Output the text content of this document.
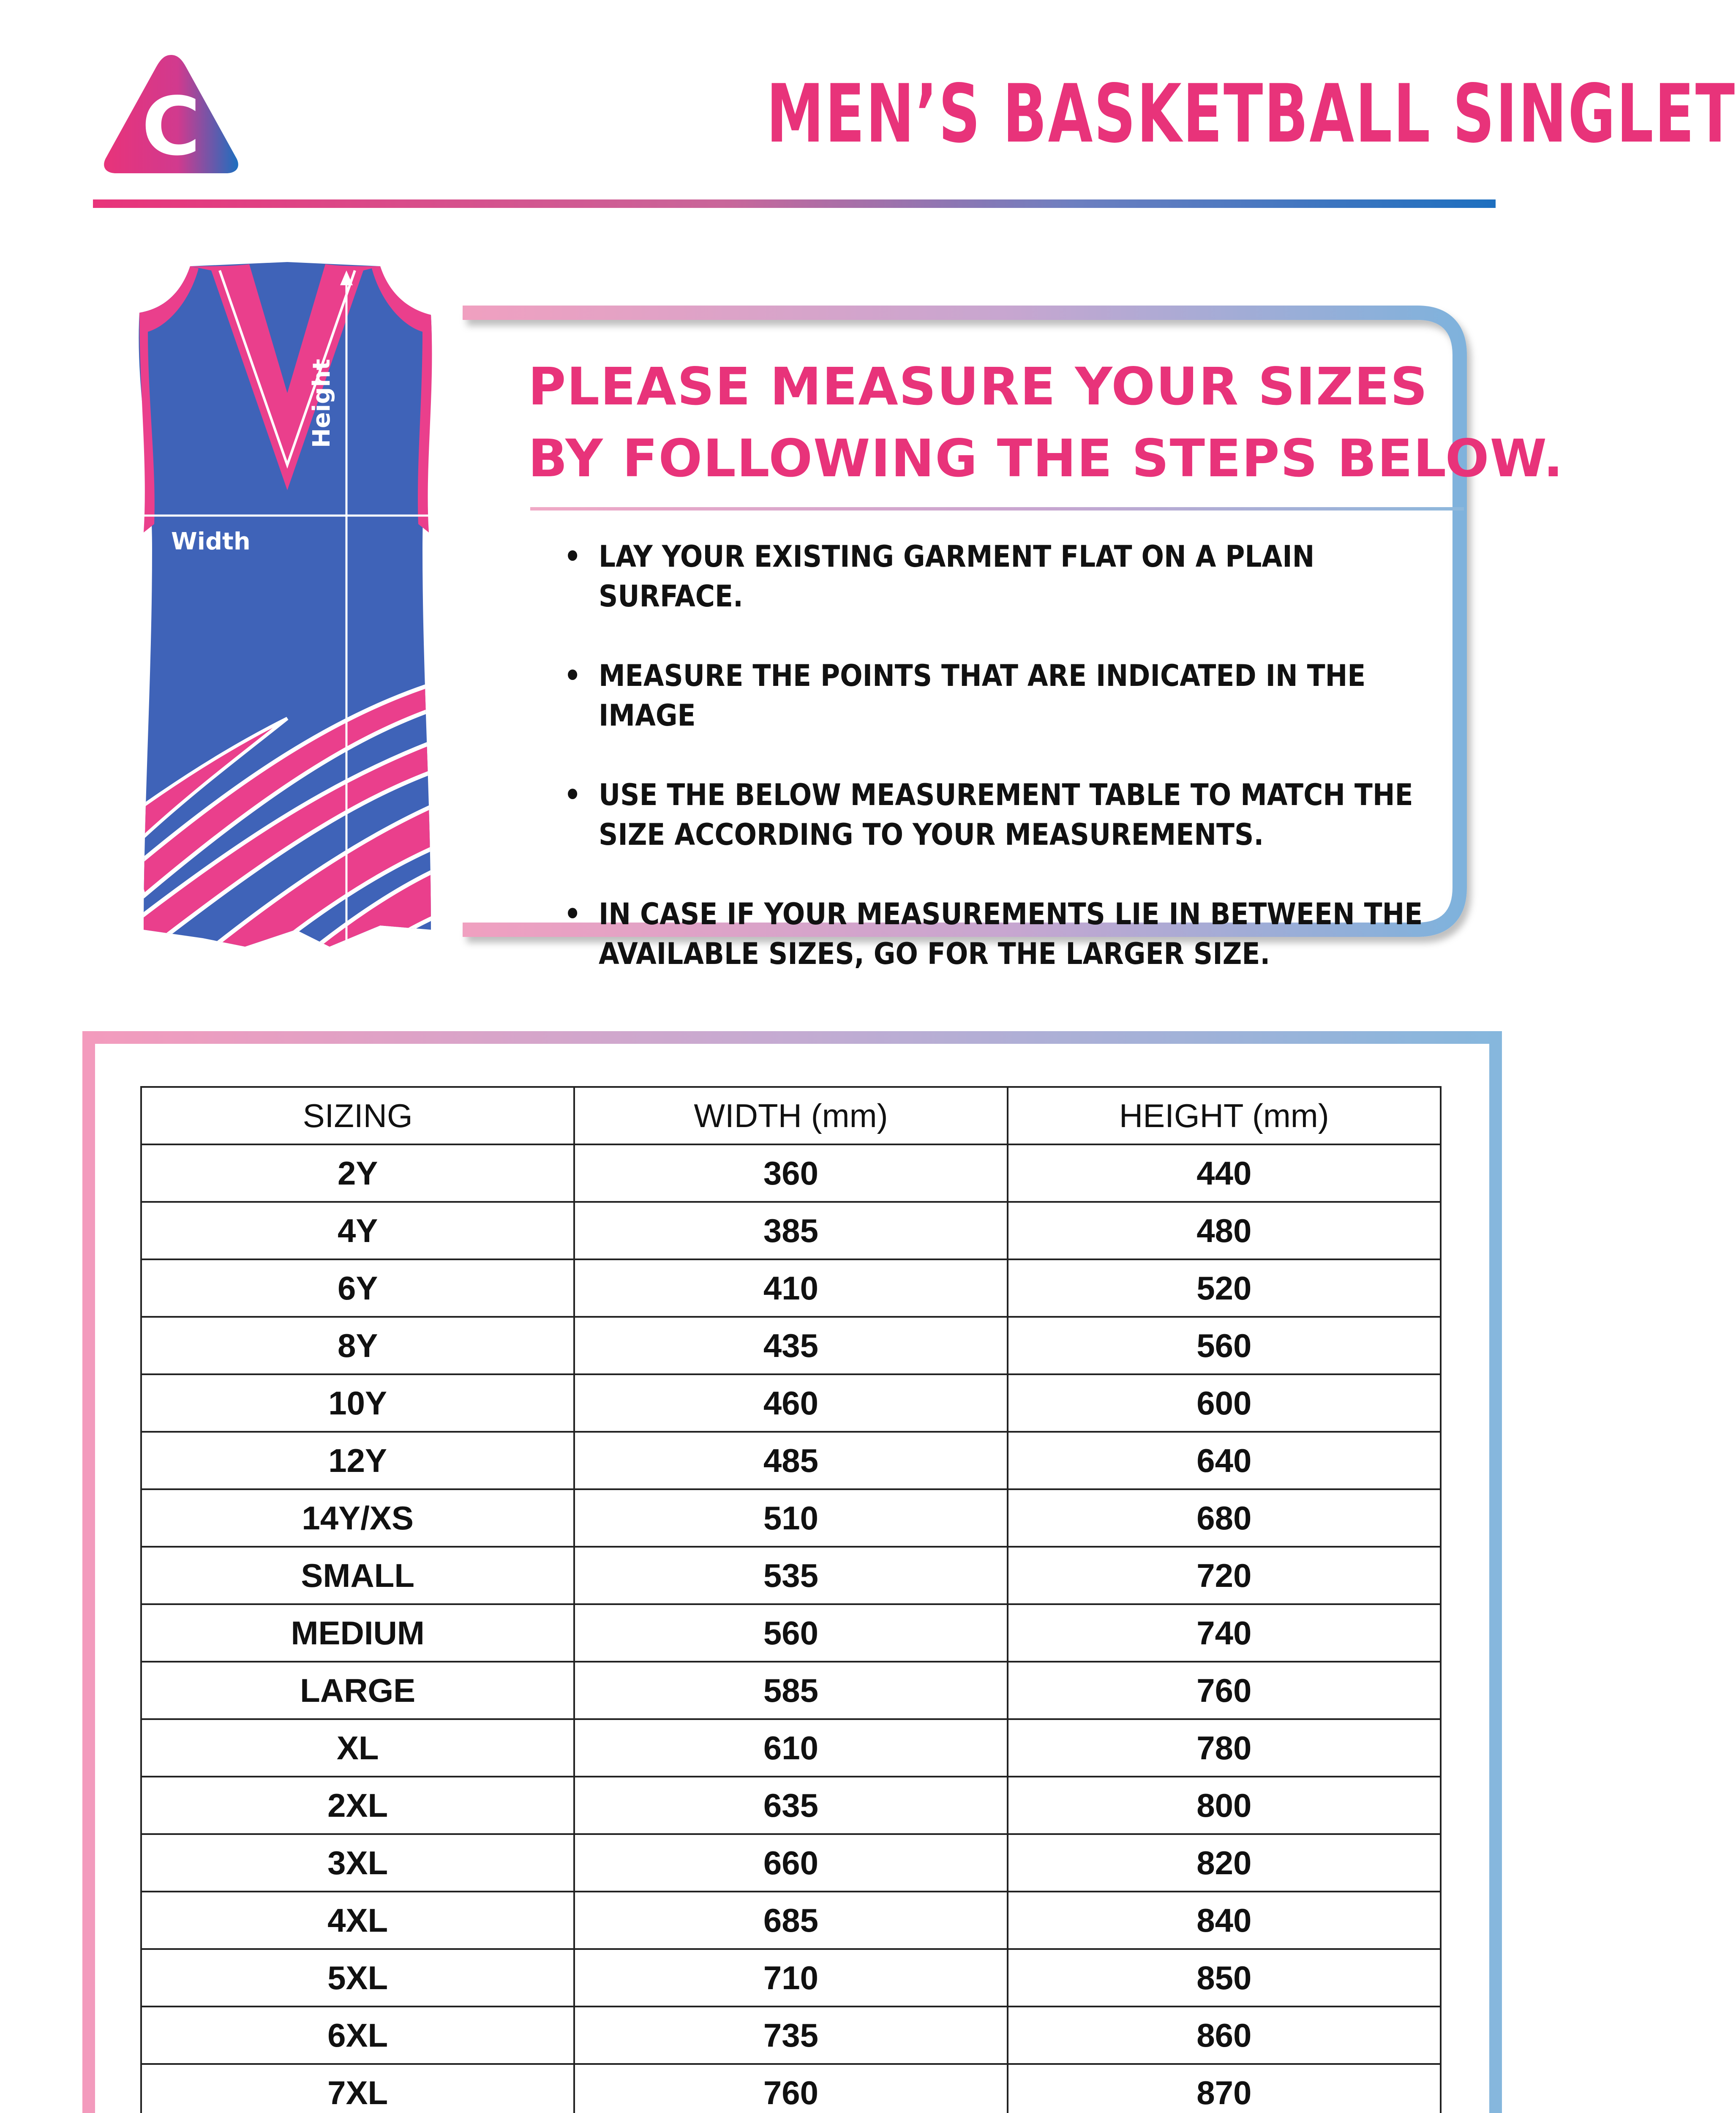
C	MEN’S BASKETBALL SINGLET
Height
Width
PLEASE MEASURE YOUR SIZES
BY FOLLOWING THE STEPS BELOW.
• LAY YOUR EXISTING GARMENT FLAT ON A PLAIN SURFACE.
• MEASURE THE POINTS THAT ARE INDICATED IN THE IMAGE
• USE THE BELOW MEASUREMENT TABLE TO MATCH THE SIZE ACCORDING TO YOUR MEASUREMENTS.
• IN CASE IF YOUR MEASUREMENTS LIE IN BETWEEN THE AVAILABLE SIZES, GO FOR THE LARGER SIZE.
SIZING	WIDTH (mm)	HEIGHT (mm)
2Y	360	440
4Y	385	480
6Y	410	520
8Y	435	560
10Y	460	600
12Y	485	640
14Y/XS	510	680
SMALL	535	720
MEDIUM	560	740
LARGE	585	760
XL	610	780
2XL	635	800
3XL	660	820
4XL	685	840
5XL	710	850
6XL	735	860
7XL	760	870
